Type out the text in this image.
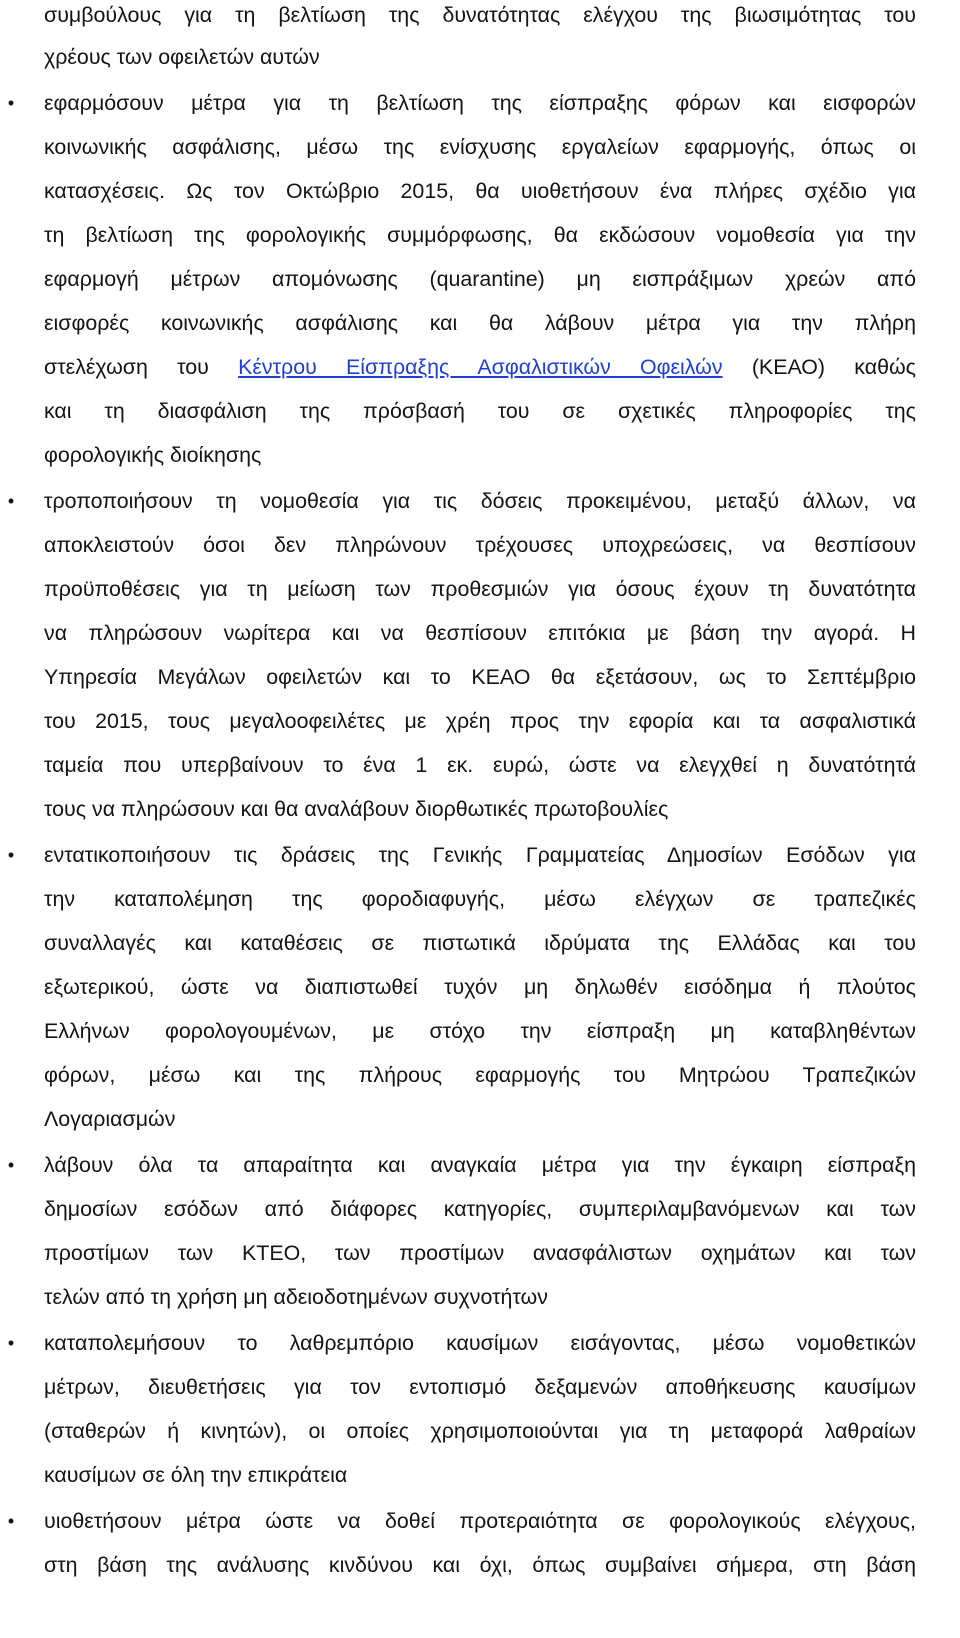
συμβούλους για τη βελτίωση της δυνατότητας ελέγχου της βιωσιμότητας του
χρέους των οφειλετών αυτών
• εφαρμόσουν μέτρα για τη βελτίωση της είσπραξης φόρων και εισφορών
κοινωνικής ασφάλισης, μέσω της ενίσχυσης εργαλείων εφαρμογής, όπως οι
κατασχέσεις. Ως τον Οκτώβριο 2015, θα υιοθετήσουν ένα πλήρες σχέδιο για
τη βελτίωση της φορολογικής συμμόρφωσης, θα εκδώσουν νομοθεσία για την
εφαρμογή μέτρων απομόνωσης (quarantine) μη εισπράξιμων χρεών από
εισφορές κοινωνικής ασφάλισης και θα λάβουν μέτρα για την πλήρη
στελέχωση του Κέντρου Είσπραξης Ασφαλιστικών Οφειλών (ΚΕΑΟ) καθώς
και τη διασφάλιση της πρόσβασή του σε σχετικές πληροφορίες της
φορολογικής διοίκησης
• τροποποιήσουν τη νομοθεσία για τις δόσεις προκειμένου, μεταξύ άλλων, να
αποκλειστούν όσοι δεν πληρώνουν τρέχουσες υποχρεώσεις, να θεσπίσουν
προϋποθέσεις για τη μείωση των προθεσμιών για όσους έχουν τη δυνατότητα
να πληρώσουν νωρίτερα και να θεσπίσουν επιτόκια με βάση την αγορά. Η
Υπηρεσία Μεγάλων οφειλετών και το ΚΕΑΟ θα εξετάσουν, ως το Σεπτέμβριο
του 2015, τους μεγαλοοφειλέτες με χρέη προς την εφορία και τα ασφαλιστικά
ταμεία που υπερβαίνουν το ένα 1 εκ. ευρώ, ώστε να ελεγχθεί η δυνατότητά
τους να πληρώσουν και θα αναλάβουν διορθωτικές πρωτοβουλίες
• εντατικοποιήσουν τις δράσεις της Γενικής Γραμματείας Δημοσίων Εσόδων για
την καταπολέμηση της φοροδιαφυγής, μέσω ελέγχων σε τραπεζικές
συναλλαγές και καταθέσεις σε πιστωτικά ιδρύματα της Ελλάδας και του
εξωτερικού, ώστε να διαπιστωθεί τυχόν μη δηλωθέν εισόδημα ή πλούτος
Ελλήνων φορολογουμένων, με στόχο την είσπραξη μη καταβληθέντων
φόρων, μέσω και της πλήρους εφαρμογής του Μητρώου Τραπεζικών
Λογαριασμών
• λάβουν όλα τα απαραίτητα και αναγκαία μέτρα για την έγκαιρη είσπραξη
δημοσίων εσόδων από διάφορες κατηγορίες, συμπεριλαμβανόμενων και των
προστίμων των ΚΤΕΟ, των προστίμων ανασφάλιστων οχημάτων και των
τελών από τη χρήση μη αδειοδοτημένων συχνοτήτων
• καταπολεμήσουν το λαθρεμπόριο καυσίμων εισάγοντας, μέσω νομοθετικών
μέτρων, διευθετήσεις για τον εντοπισμό δεξαμενών αποθήκευσης καυσίμων
(σταθερών ή κινητών), οι οποίες χρησιμοποιούνται για τη μεταφορά λαθραίων
καυσίμων σε όλη την επικράτεια
• υιοθετήσουν μέτρα ώστε να δοθεί προτεραιότητα σε φορολογικούς ελέγχους,
στη βάση της ανάλυσης κινδύνου και όχι, όπως συμβαίνει σήμερα, στη βάση
